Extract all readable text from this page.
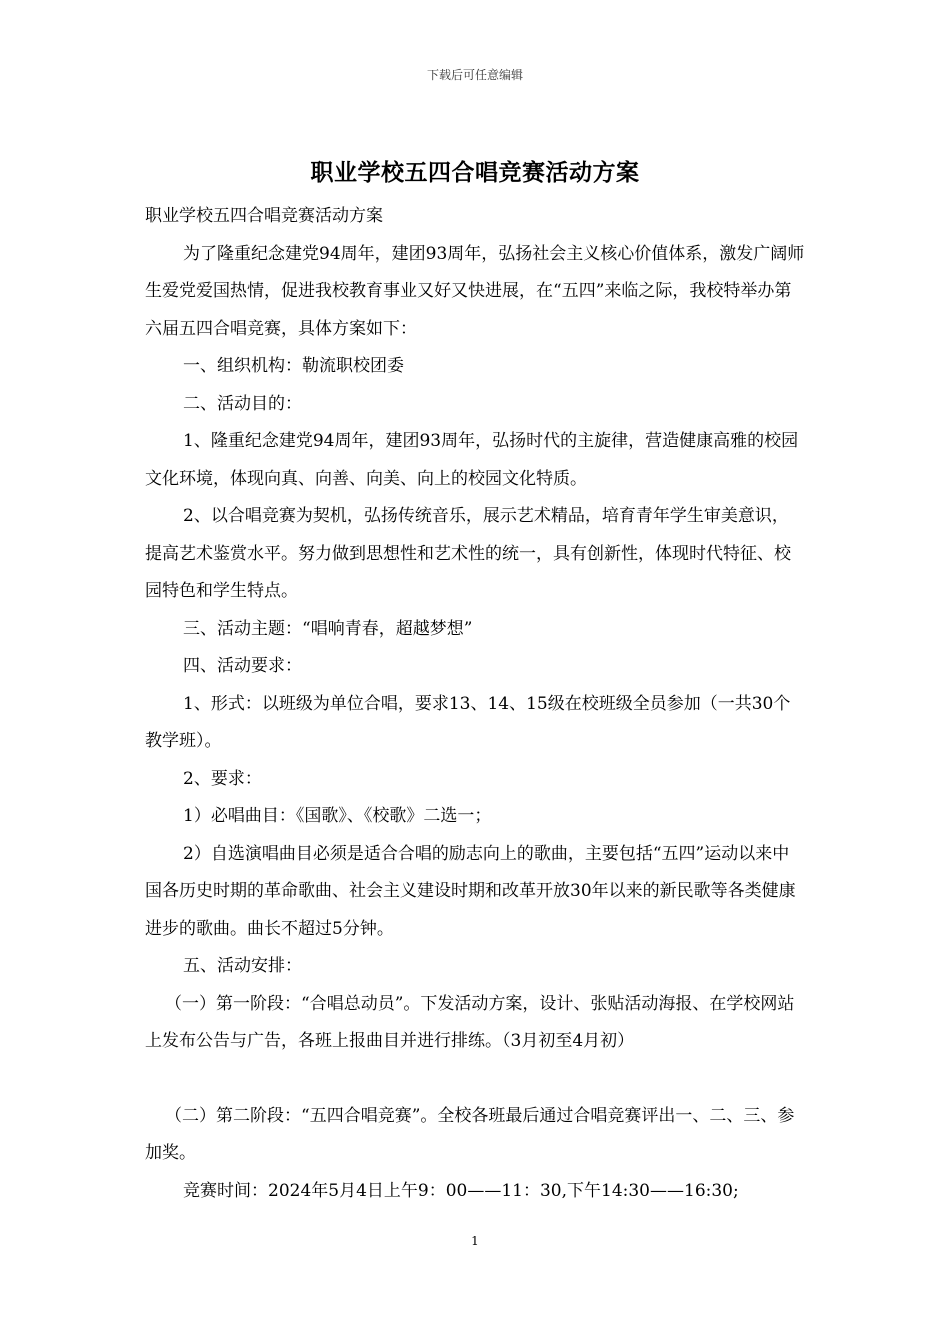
下载后可任意编辑
职业学校五四合唱竞赛活动方案

职业学校五四合唱竞赛活动方案

为了隆重纪念建党94周年，建团93周年，弘扬社会主义核心价值体系，激发广阔师生爱党爱国热情，促进我校教育事业又好又快进展，在“五四”来临之际，我校特举办第六届五四合唱竞赛，具体方案如下：

一、组织机构：勒流职校团委

二、活动目的：

1、隆重纪念建党94周年，建团93周年，弘扬时代的主旋律，营造健康高雅的校园文化环境，体现向真、向善、向美、向上的校园文化特质。

2、以合唱竞赛为契机，弘扬传统音乐，展示艺术精品，培育青年学生审美意识，提高艺术鉴赏水平。努力做到思想性和艺术性的统一，具有创新性，体现时代特征、校园特色和学生特点。

三、活动主题：“唱响青春，超越梦想”

四、活动要求：

1、形式：以班级为单位合唱，要求13、14、15级在校班级全员参加（一共30个教学班）。

2、要求：

1）必唱曲目：《国歌》、《校歌》二选一；

2）自选演唱曲目必须是适合合唱的励志向上的歌曲，主要包括“五四”运动以来中国各历史时期的革命歌曲、社会主义建设时期和改革开放30年以来的新民歌等各类健康进步的歌曲。曲长不超过5分钟。

五、活动安排：

（一）第一阶段：“合唱总动员”。下发活动方案，设计、张贴活动海报、在学校网站上发布公告与广告，各班上报曲目并进行排练。（3月初至4月初）

（二）第二阶段：“五四合唱竞赛”。全校各班最后通过合唱竞赛评出一、二、三、参加奖。

竞赛时间：2024年5月4日上午9：00——11：30,下午14:30——16:30;

1
